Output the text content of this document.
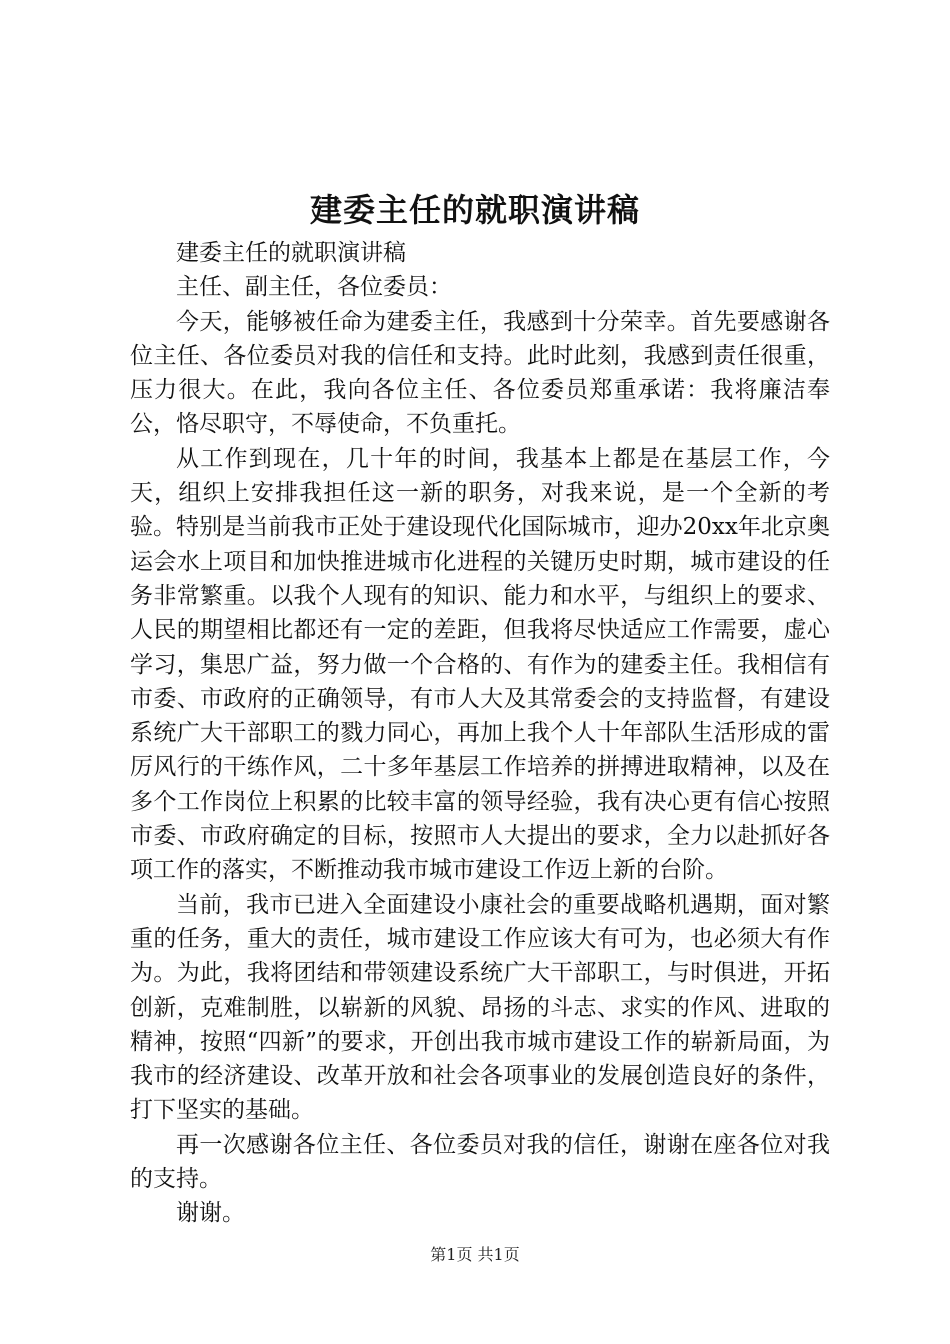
建委主任的就职演讲稿

建委主任的就职演讲稿

主任、副主任，各位委员：

今天，能够被任命为建委主任，我感到十分荣幸。首先要感谢各位主任、各位委员对我的信任和支持。此时此刻，我感到责任很重，压力很大。在此，我向各位主任、各位委员郑重承诺：我将廉洁奉公，恪尽职守，不辱使命，不负重托。

从工作到现在，几十年的时间，我基本上都是在基层工作，今天，组织上安排我担任这一新的职务，对我来说，是一个全新的考验。特别是当前我市正处于建设现代化国际城市，迎办20xx年北京奥运会水上项目和加快推进城市化进程的关键历史时期，城市建设的任务非常繁重。以我个人现有的知识、能力和水平，与组织上的要求、人民的期望相比都还有一定的差距，但我将尽快适应工作需要，虚心学习，集思广益，努力做一个合格的、有作为的建委主任。我相信有市委、市政府的正确领导，有市人大及其常委会的支持监督，有建设系统广大干部职工的戮力同心，再加上我个人十年部队生活形成的雷厉风行的干练作风，二十多年基层工作培养的拼搏进取精神，以及在多个工作岗位上积累的比较丰富的领导经验，我有决心更有信心按照市委、市政府确定的目标，按照市人大提出的要求，全力以赴抓好各项工作的落实，不断推动我市城市建设工作迈上新的台阶。

当前，我市已进入全面建设小康社会的重要战略机遇期，面对繁重的任务，重大的责任，城市建设工作应该大有可为，也必须大有作为。为此，我将团结和带领建设系统广大干部职工，与时俱进，开拓创新，克难制胜，以崭新的风貌、昂扬的斗志、求实的作风、进取的精神，按照“四新”的要求，开创出我市城市建设工作的崭新局面，为我市的经济建设、改革开放和社会各项事业的发展创造良好的条件，打下坚实的基础。

再一次感谢各位主任、各位委员对我的信任，谢谢在座各位对我的支持。

谢谢。

第1页 共1页
